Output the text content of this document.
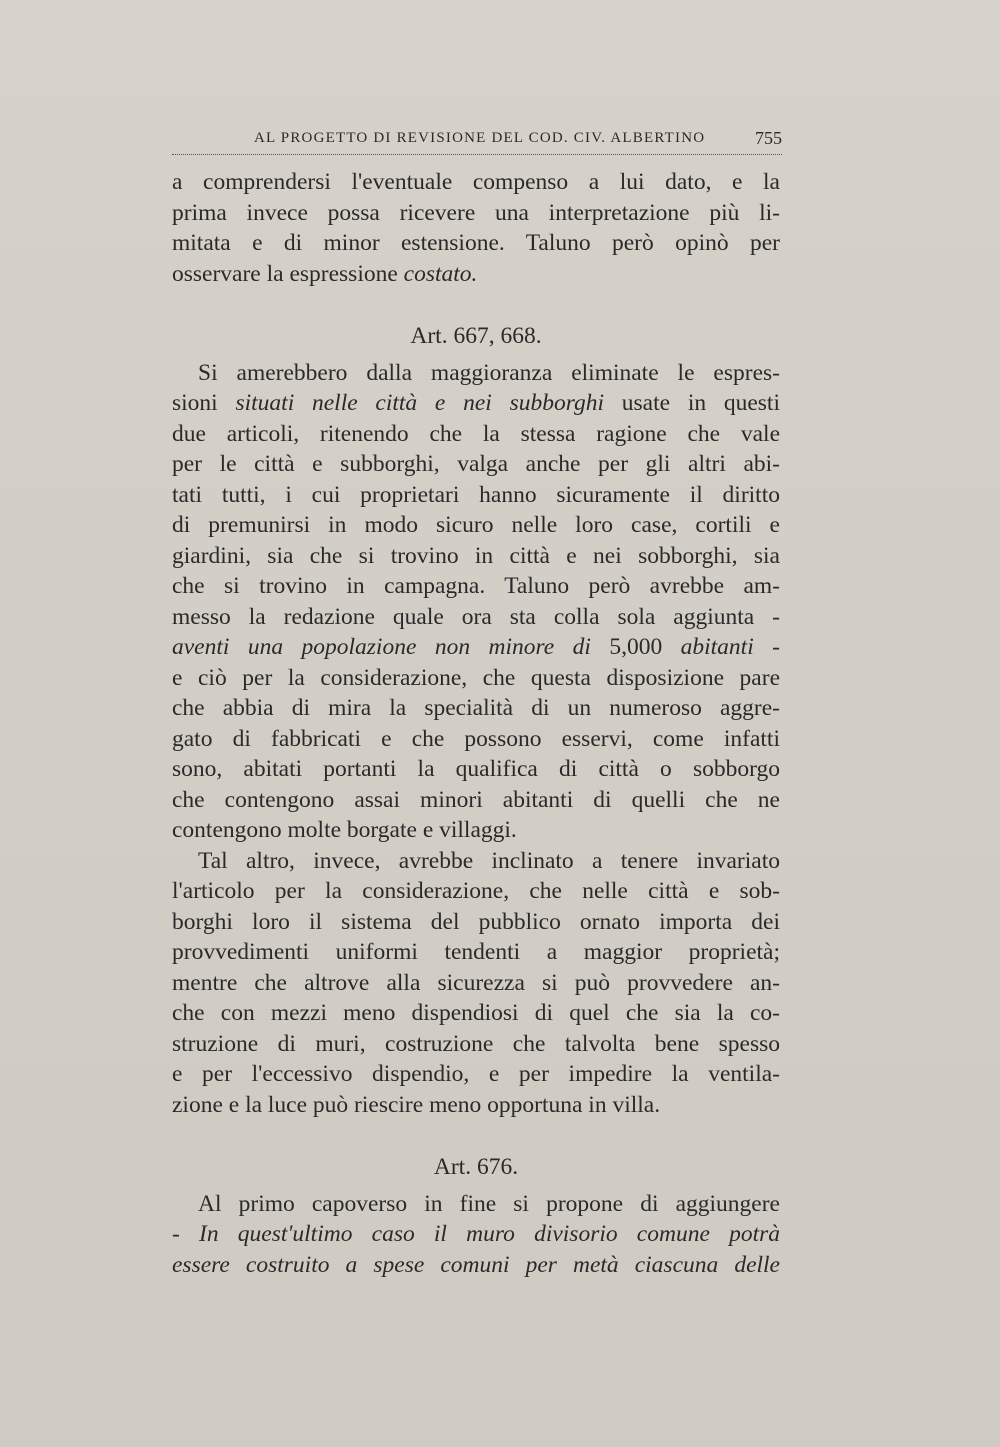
AL PROGETTO DI REVISIONE DEL COD. CIV. ALBERTINO	755

a comprendersi l'eventuale compenso a lui dato, e la
prima invece possa ricevere una interpretazione più li-
mitata e di minor estensione. Taluno però opinò per

osservare la espressione costato.

Art. 667, 668.

Si amerebbero dalla maggioranza eliminate le espres-

sioni situati nelle città e nei subborghi usate in questi
due articoli, ritenendo che la stessa ragione che vale
per le città e subborghi, valga anche per gli altri abi-
tati tutti, i cui proprietari hanno sicuramente il diritto
di premunirsi in modo sicuro nelle loro case, cortili e
giardini, sia che si trovino in città e nei sobborghi, sia
che si trovino in campagna. Taluno però avrebbe am-
messo la redazione quale ora sta colla sola aggiunta -
aventi una popolazione non minore di 5,000 abitanti -
e ciò per la considerazione, che questa disposizione pare
che abbia di mira la specialità di un numeroso aggre-
gato di fabbricati e che possono esservi, come infatti
sono, abitati portanti la qualifica di città o sobborgo
che contengono assai minori abitanti di quelli che ne

contengono molte borgate e villaggi.

Tal altro, invece, avrebbe inclinato a tenere invariato

l'articolo per la considerazione, che nelle città e sob-
borghi loro il sistema del pubblico ornato importa dei
provvedimenti uniformi tendenti a maggior proprietà;
mentre che altrove alla sicurezza si può provvedere an-
che con mezzi meno dispendiosi di quel che sia la co-
struzione di muri, costruzione che talvolta bene spesso
e per l'eccessivo dispendio, e per impedire la ventila-

zione e la luce può riescire meno opportuna in villa.

Art. 676.

Al primo capoverso in fine si propone di aggiungere

- In quest'ultimo caso il muro divisorio comune potrà
essere costruito a spese comuni per metà ciascuna delle
